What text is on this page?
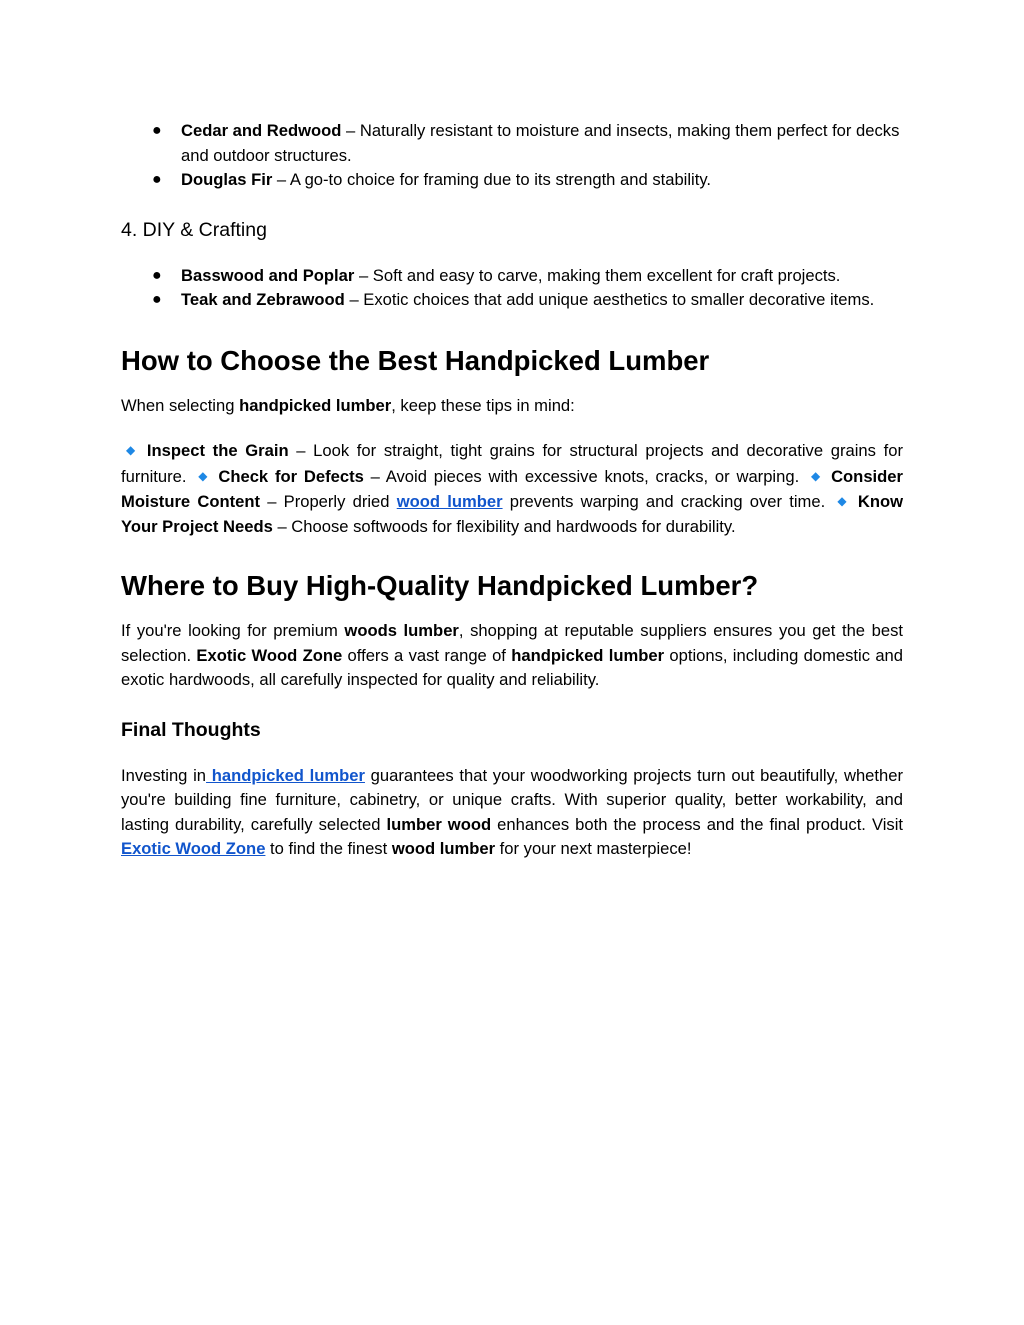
● Cedar and Redwood – Naturally resistant to moisture and insects, making them perfect for decks and outdoor structures.
● Douglas Fir – A go-to choice for framing due to its strength and stability.
4. DIY & Crafting
● Basswood and Poplar – Soft and easy to carve, making them excellent for craft projects.
● Teak and Zebrawood – Exotic choices that add unique aesthetics to smaller decorative items.
How to Choose the Best Handpicked Lumber

When selecting handpicked lumber, keep these tips in mind:

◆ Inspect the Grain – Look for straight, tight grains for structural projects and decorative grains for furniture. ◆ Check for Defects – Avoid pieces with excessive knots, cracks, or warping. ◆ Consider Moisture Content – Properly dried wood lumber prevents warping and cracking over time. ◆ Know Your Project Needs – Choose softwoods for flexibility and hardwoods for durability.

Where to Buy High-Quality Handpicked Lumber?

If you're looking for premium woods lumber, shopping at reputable suppliers ensures you get the best selection. Exotic Wood Zone offers a vast range of handpicked lumber options, including domestic and exotic hardwoods, all carefully inspected for quality and reliability.

Final Thoughts

Investing in handpicked lumber guarantees that your woodworking projects turn out beautifully, whether you're building fine furniture, cabinetry, or unique crafts. With superior quality, better workability, and lasting durability, carefully selected lumber wood enhances both the process and the final product. Visit Exotic Wood Zone to find the finest wood lumber for your next masterpiece!
